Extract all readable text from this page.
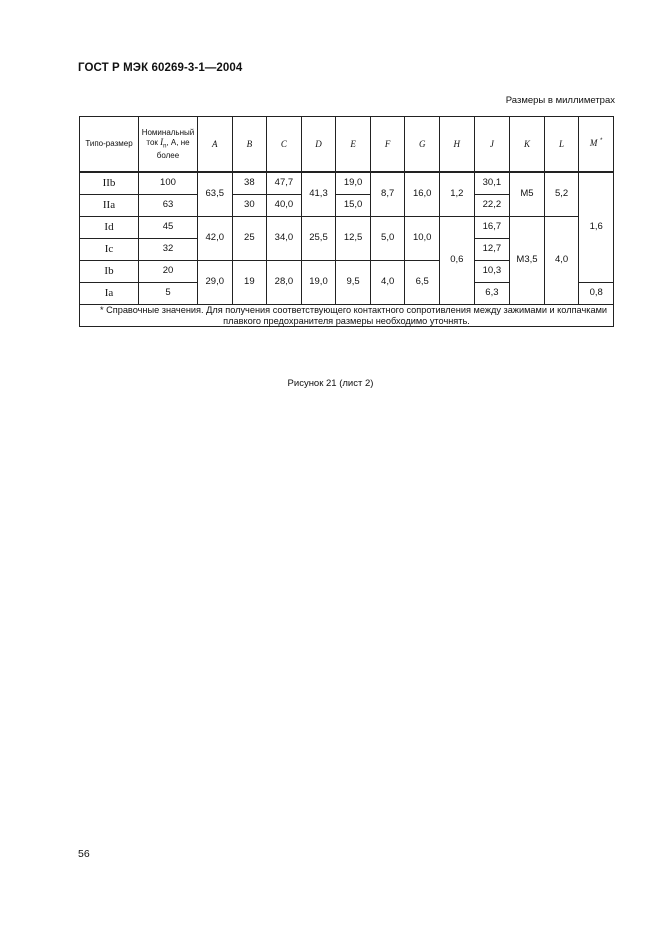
ГОСТ Р МЭК 60269-3-1—2004
Размеры в миллиметрах
Типо-размер	Номинальный ток $I_n$, А, не более	A	B	C	D	E	F	G	H	J	K	L	M *
IIb	100	63,5	38	47,7	41,3	19,0	8,7	16,0	1,2	30,1	M5	5,2	1,6
IIa	63		30	40,0		15,0				22,2			
Id	45	42,0	25	34,0	25,5	12,5	5,0	10,0	0,6	16,7	M3,5	4,0	
Ic	32									12,7			
Ib	20	29,0	19	28,0	19,0	9,5	4,0	6,5		10,3			
Ia	5									6,3			0,8
* Справочные значения. Для получения соответствующего контактного сопротивления между зажимами и колпачками плавкого предохранителя размеры необходимо уточнять.													
Рисунок 21 (лист 2)
56
